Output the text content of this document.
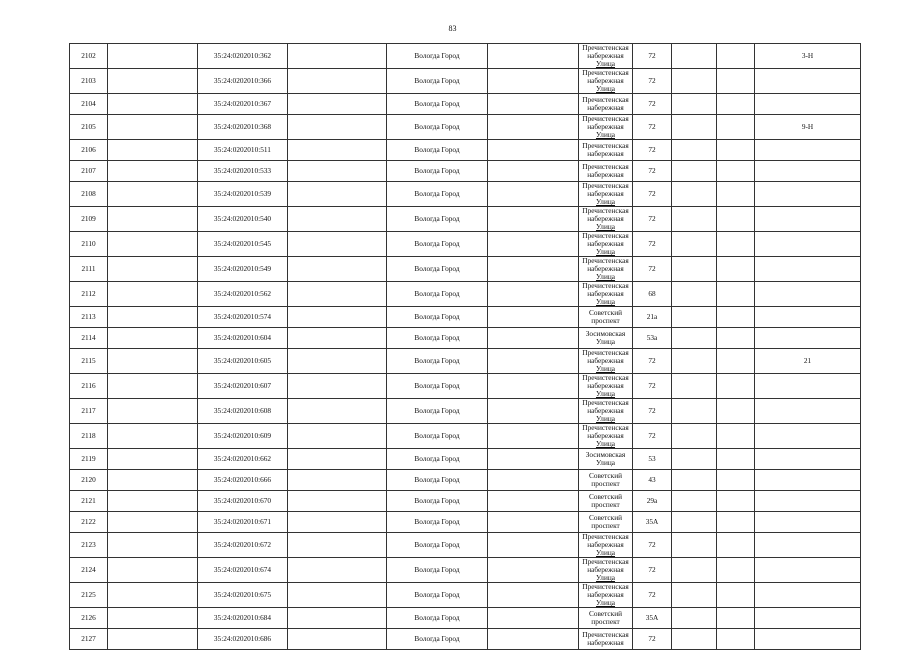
83
2102		35:24:0202010:362		Вологда Город		Пречистенская набережная
Улица	72			3-Н
2103		35:24:0202010:366		Вологда Город		Пречистенская набережная
Улица	72			
2104		35:24:0202010:367		Вологда Город		Пречистенская набережная	72			
2105		35:24:0202010:368		Вологда Город		Пречистенская набережная
Улица	72			9-Н
2106		35:24:0202010:511		Вологда Город		Пречистенская набережная	72			
2107		35:24:0202010:533		Вологда Город		Пречистенская набережная	72			
2108		35:24:0202010:539		Вологда Город		Пречистенская набережная
Улица	72			
2109		35:24:0202010:540		Вологда Город		Пречистенская набережная
Улица	72			
2110		35:24:0202010:545		Вологда Город		Пречистенская набережная
Улица	72			
2111		35:24:0202010:549		Вологда Город		Пречистенская набережная
Улица	72			
2112		35:24:0202010:562		Вологда Город		Пречистенская набережная
Улица	68			
2113		35:24:0202010:574		Вологда Город		Советский проспект	21а			
2114		35:24:0202010:604		Вологда Город		Зосимовская Улица	53а			
2115		35:24:0202010:605		Вологда Город		Пречистенская набережная
Улица	72			21
2116		35:24:0202010:607		Вологда Город		Пречистенская набережная
Улица	72			
2117		35:24:0202010:608		Вологда Город		Пречистенская набережная
Улица	72			
2118		35:24:0202010:609		Вологда Город		Пречистенская набережная
Улица	72			
2119		35:24:0202010:662		Вологда Город		Зосимовская Улица	53			
2120		35:24:0202010:666		Вологда Город		Советский проспект	43			
2121		35:24:0202010:670		Вологда Город		Советский проспект	29а			
2122		35:24:0202010:671		Вологда Город		Советский проспект	35А			
2123		35:24:0202010:672		Вологда Город		Пречистенская набережная
Улица	72			
2124		35:24:0202010:674		Вологда Город		Пречистенская набережная
Улица	72			
2125		35:24:0202010:675		Вологда Город		Пречистенская набережная
Улица	72			
2126		35:24:0202010:684		Вологда Город		Советский проспект	35А			
2127		35:24:0202010:686		Вологда Город		Пречистенская набережная	72			
